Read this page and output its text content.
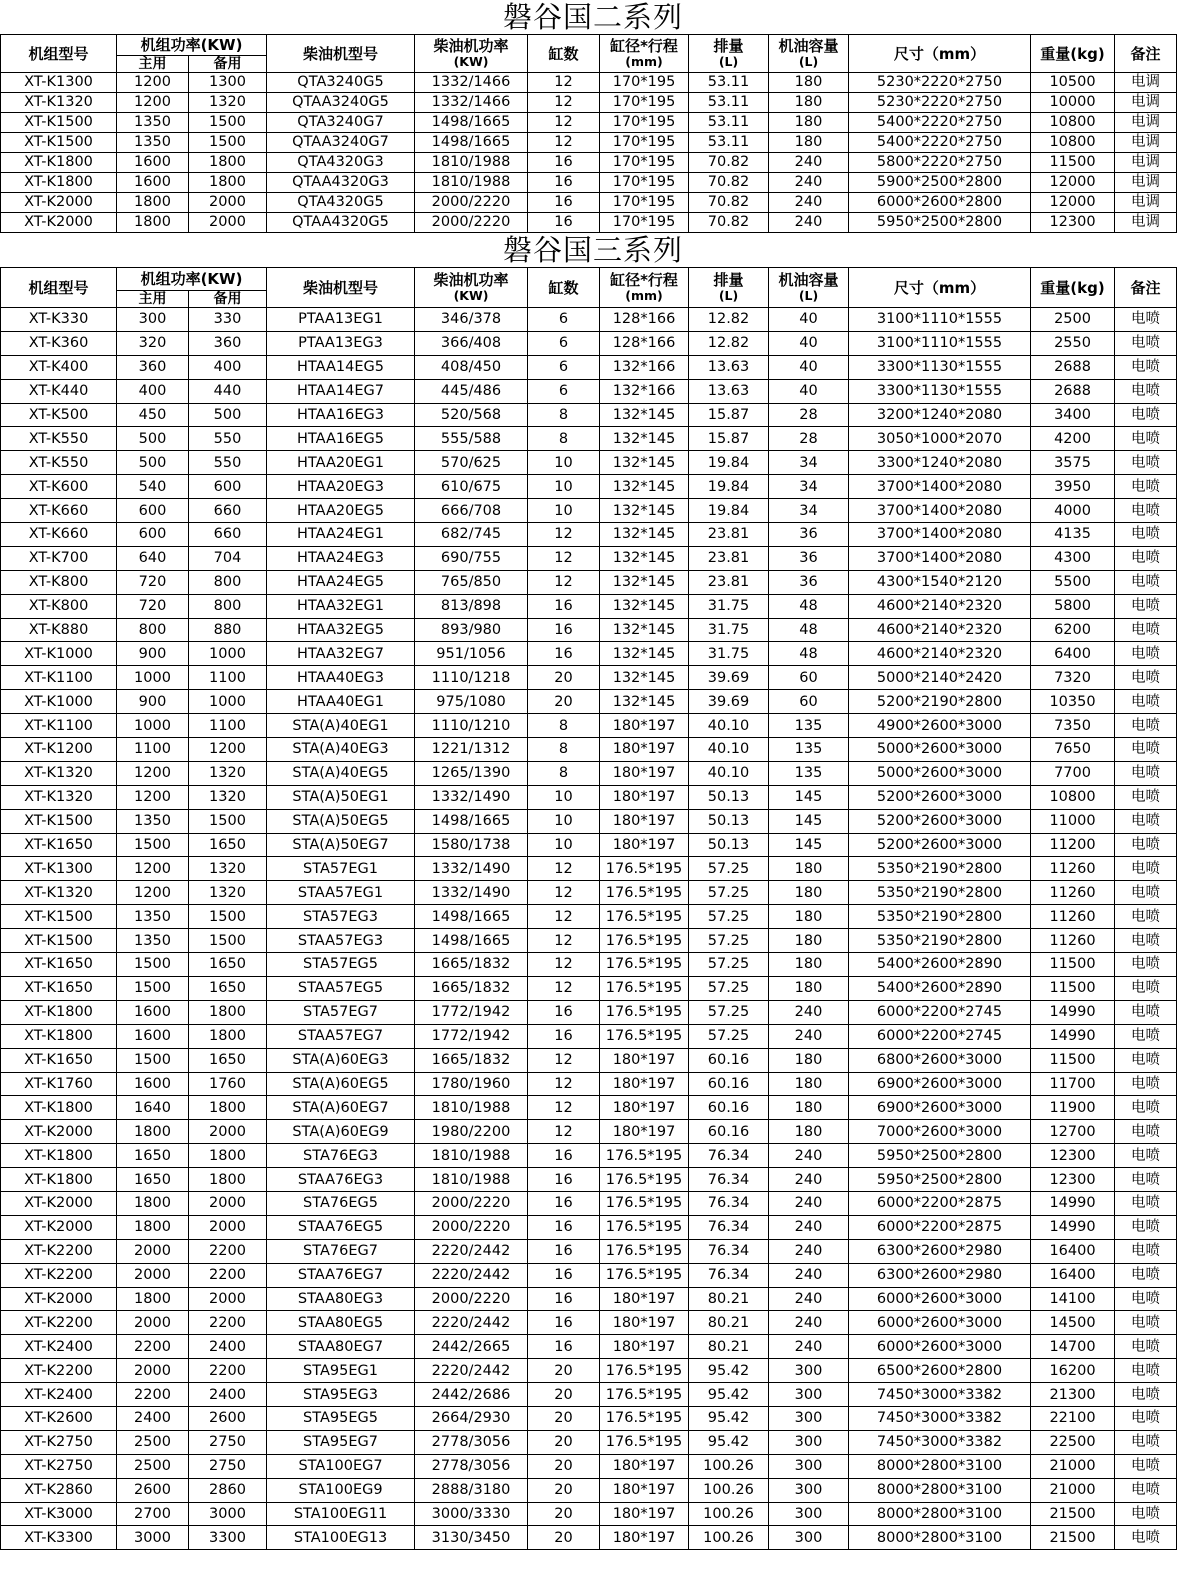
磐谷国二系列
机组型号	机组功率(KW)		柴油机型号	柴油机功率
(KW)	缸数	缸径*行程
(mm)	排量
(L)	机油容量
(L)	尺寸（mm）	重量(kg)	备注
	主用	备用									
XT-K1300	1200	1300	QTA3240G5	1332/1466	12	170*195	53.11	180	5230*2220*2750	10500	电调
XT-K1320	1200	1320	QTAA3240G5	1332/1466	12	170*195	53.11	180	5230*2220*2750	10000	电调
XT-K1500	1350	1500	QTA3240G7	1498/1665	12	170*195	53.11	180	5400*2220*2750	10800	电调
XT-K1500	1350	1500	QTAA3240G7	1498/1665	12	170*195	53.11	180	5400*2220*2750	10800	电调
XT-K1800	1600	1800	QTA4320G3	1810/1988	16	170*195	70.82	240	5800*2220*2750	11500	电调
XT-K1800	1600	1800	QTAA4320G3	1810/1988	16	170*195	70.82	240	5900*2500*2800	12000	电调
XT-K2000	1800	2000	QTA4320G5	2000/2220	16	170*195	70.82	240	6000*2600*2800	12000	电调
XT-K2000	1800	2000	QTAA4320G5	2000/2220	16	170*195	70.82	240	5950*2500*2800	12300	电调
磐谷国三系列
机组型号	机组功率(KW)		柴油机型号	柴油机功率
(KW)	缸数	缸径*行程
(mm)	排量
(L)	机油容量
(L)	尺寸（mm）	重量(kg)	备注
	主用	备用									
XT-K330	300	330	PTAA13EG1	346/378	6	128*166	12.82	40	3100*1110*1555	2500	电喷
XT-K360	320	360	PTAA13EG3	366/408	6	128*166	12.82	40	3100*1110*1555	2550	电喷
XT-K400	360	400	HTAA14EG5	408/450	6	132*166	13.63	40	3300*1130*1555	2688	电喷
XT-K440	400	440	HTAA14EG7	445/486	6	132*166	13.63	40	3300*1130*1555	2688	电喷
XT-K500	450	500	HTAA16EG3	520/568	8	132*145	15.87	28	3200*1240*2080	3400	电喷
XT-K550	500	550	HTAA16EG5	555/588	8	132*145	15.87	28	3050*1000*2070	4200	电喷
XT-K550	500	550	HTAA20EG1	570/625	10	132*145	19.84	34	3300*1240*2080	3575	电喷
XT-K600	540	600	HTAA20EG3	610/675	10	132*145	19.84	34	3700*1400*2080	3950	电喷
XT-K660	600	660	HTAA20EG5	666/708	10	132*145	19.84	34	3700*1400*2080	4000	电喷
XT-K660	600	660	HTAA24EG1	682/745	12	132*145	23.81	36	3700*1400*2080	4135	电喷
XT-K700	640	704	HTAA24EG3	690/755	12	132*145	23.81	36	3700*1400*2080	4300	电喷
XT-K800	720	800	HTAA24EG5	765/850	12	132*145	23.81	36	4300*1540*2120	5500	电喷
XT-K800	720	800	HTAA32EG1	813/898	16	132*145	31.75	48	4600*2140*2320	5800	电喷
XT-K880	800	880	HTAA32EG5	893/980	16	132*145	31.75	48	4600*2140*2320	6200	电喷
XT-K1000	900	1000	HTAA32EG7	951/1056	16	132*145	31.75	48	4600*2140*2320	6400	电喷
XT-K1100	1000	1100	HTAA40EG3	1110/1218	20	132*145	39.69	60	5000*2140*2420	7320	电喷
XT-K1000	900	1000	HTAA40EG1	975/1080	20	132*145	39.69	60	5200*2190*2800	10350	电喷
XT-K1100	1000	1100	STA(A)40EG1	1110/1210	8	180*197	40.10	135	4900*2600*3000	7350	电喷
XT-K1200	1100	1200	STA(A)40EG3	1221/1312	8	180*197	40.10	135	5000*2600*3000	7650	电喷
XT-K1320	1200	1320	STA(A)40EG5	1265/1390	8	180*197	40.10	135	5000*2600*3000	7700	电喷
XT-K1320	1200	1320	STA(A)50EG1	1332/1490	10	180*197	50.13	145	5200*2600*3000	10800	电喷
XT-K1500	1350	1500	STA(A)50EG5	1498/1665	10	180*197	50.13	145	5200*2600*3000	11000	电喷
XT-K1650	1500	1650	STA(A)50EG7	1580/1738	10	180*197	50.13	145	5200*2600*3000	11200	电喷
XT-K1300	1200	1320	STA57EG1	1332/1490	12	176.5*195	57.25	180	5350*2190*2800	11260	电喷
XT-K1320	1200	1320	STAA57EG1	1332/1490	12	176.5*195	57.25	180	5350*2190*2800	11260	电喷
XT-K1500	1350	1500	STA57EG3	1498/1665	12	176.5*195	57.25	180	5350*2190*2800	11260	电喷
XT-K1500	1350	1500	STAA57EG3	1498/1665	12	176.5*195	57.25	180	5350*2190*2800	11260	电喷
XT-K1650	1500	1650	STA57EG5	1665/1832	12	176.5*195	57.25	180	5400*2600*2890	11500	电喷
XT-K1650	1500	1650	STAA57EG5	1665/1832	12	176.5*195	57.25	180	5400*2600*2890	11500	电喷
XT-K1800	1600	1800	STA57EG7	1772/1942	16	176.5*195	57.25	240	6000*2200*2745	14990	电喷
XT-K1800	1600	1800	STAA57EG7	1772/1942	16	176.5*195	57.25	240	6000*2200*2745	14990	电喷
XT-K1650	1500	1650	STA(A)60EG3	1665/1832	12	180*197	60.16	180	6800*2600*3000	11500	电喷
XT-K1760	1600	1760	STA(A)60EG5	1780/1960	12	180*197	60.16	180	6900*2600*3000	11700	电喷
XT-K1800	1640	1800	STA(A)60EG7	1810/1988	12	180*197	60.16	180	6900*2600*3000	11900	电喷
XT-K2000	1800	2000	STA(A)60EG9	1980/2200	12	180*197	60.16	180	7000*2600*3000	12700	电喷
XT-K1800	1650	1800	STA76EG3	1810/1988	16	176.5*195	76.34	240	5950*2500*2800	12300	电喷
XT-K1800	1650	1800	STAA76EG3	1810/1988	16	176.5*195	76.34	240	5950*2500*2800	12300	电喷
XT-K2000	1800	2000	STA76EG5	2000/2220	16	176.5*195	76.34	240	6000*2200*2875	14990	电喷
XT-K2000	1800	2000	STAA76EG5	2000/2220	16	176.5*195	76.34	240	6000*2200*2875	14990	电喷
XT-K2200	2000	2200	STA76EG7	2220/2442	16	176.5*195	76.34	240	6300*2600*2980	16400	电喷
XT-K2200	2000	2200	STAA76EG7	2220/2442	16	176.5*195	76.34	240	6300*2600*2980	16400	电喷
XT-K2000	1800	2000	STAA80EG3	2000/2220	16	180*197	80.21	240	6000*2600*3000	14100	电喷
XT-K2200	2000	2200	STAA80EG5	2220/2442	16	180*197	80.21	240	6000*2600*3000	14500	电喷
XT-K2400	2200	2400	STAA80EG7	2442/2665	16	180*197	80.21	240	6000*2600*3000	14700	电喷
XT-K2200	2000	2200	STA95EG1	2220/2442	20	176.5*195	95.42	300	6500*2600*2800	16200	电喷
XT-K2400	2200	2400	STA95EG3	2442/2686	20	176.5*195	95.42	300	7450*3000*3382	21300	电喷
XT-K2600	2400	2600	STA95EG5	2664/2930	20	176.5*195	95.42	300	7450*3000*3382	22100	电喷
XT-K2750	2500	2750	STA95EG7	2778/3056	20	176.5*195	95.42	300	7450*3000*3382	22500	电喷
XT-K2750	2500	2750	STA100EG7	2778/3056	20	180*197	100.26	300	8000*2800*3100	21000	电喷
XT-K2860	2600	2860	STA100EG9	2888/3180	20	180*197	100.26	300	8000*2800*3100	21000	电喷
XT-K3000	2700	3000	STA100EG11	3000/3330	20	180*197	100.26	300	8000*2800*3100	21500	电喷
XT-K3300	3000	3300	STA100EG13	3130/3450	20	180*197	100.26	300	8000*2800*3100	21500	电喷
